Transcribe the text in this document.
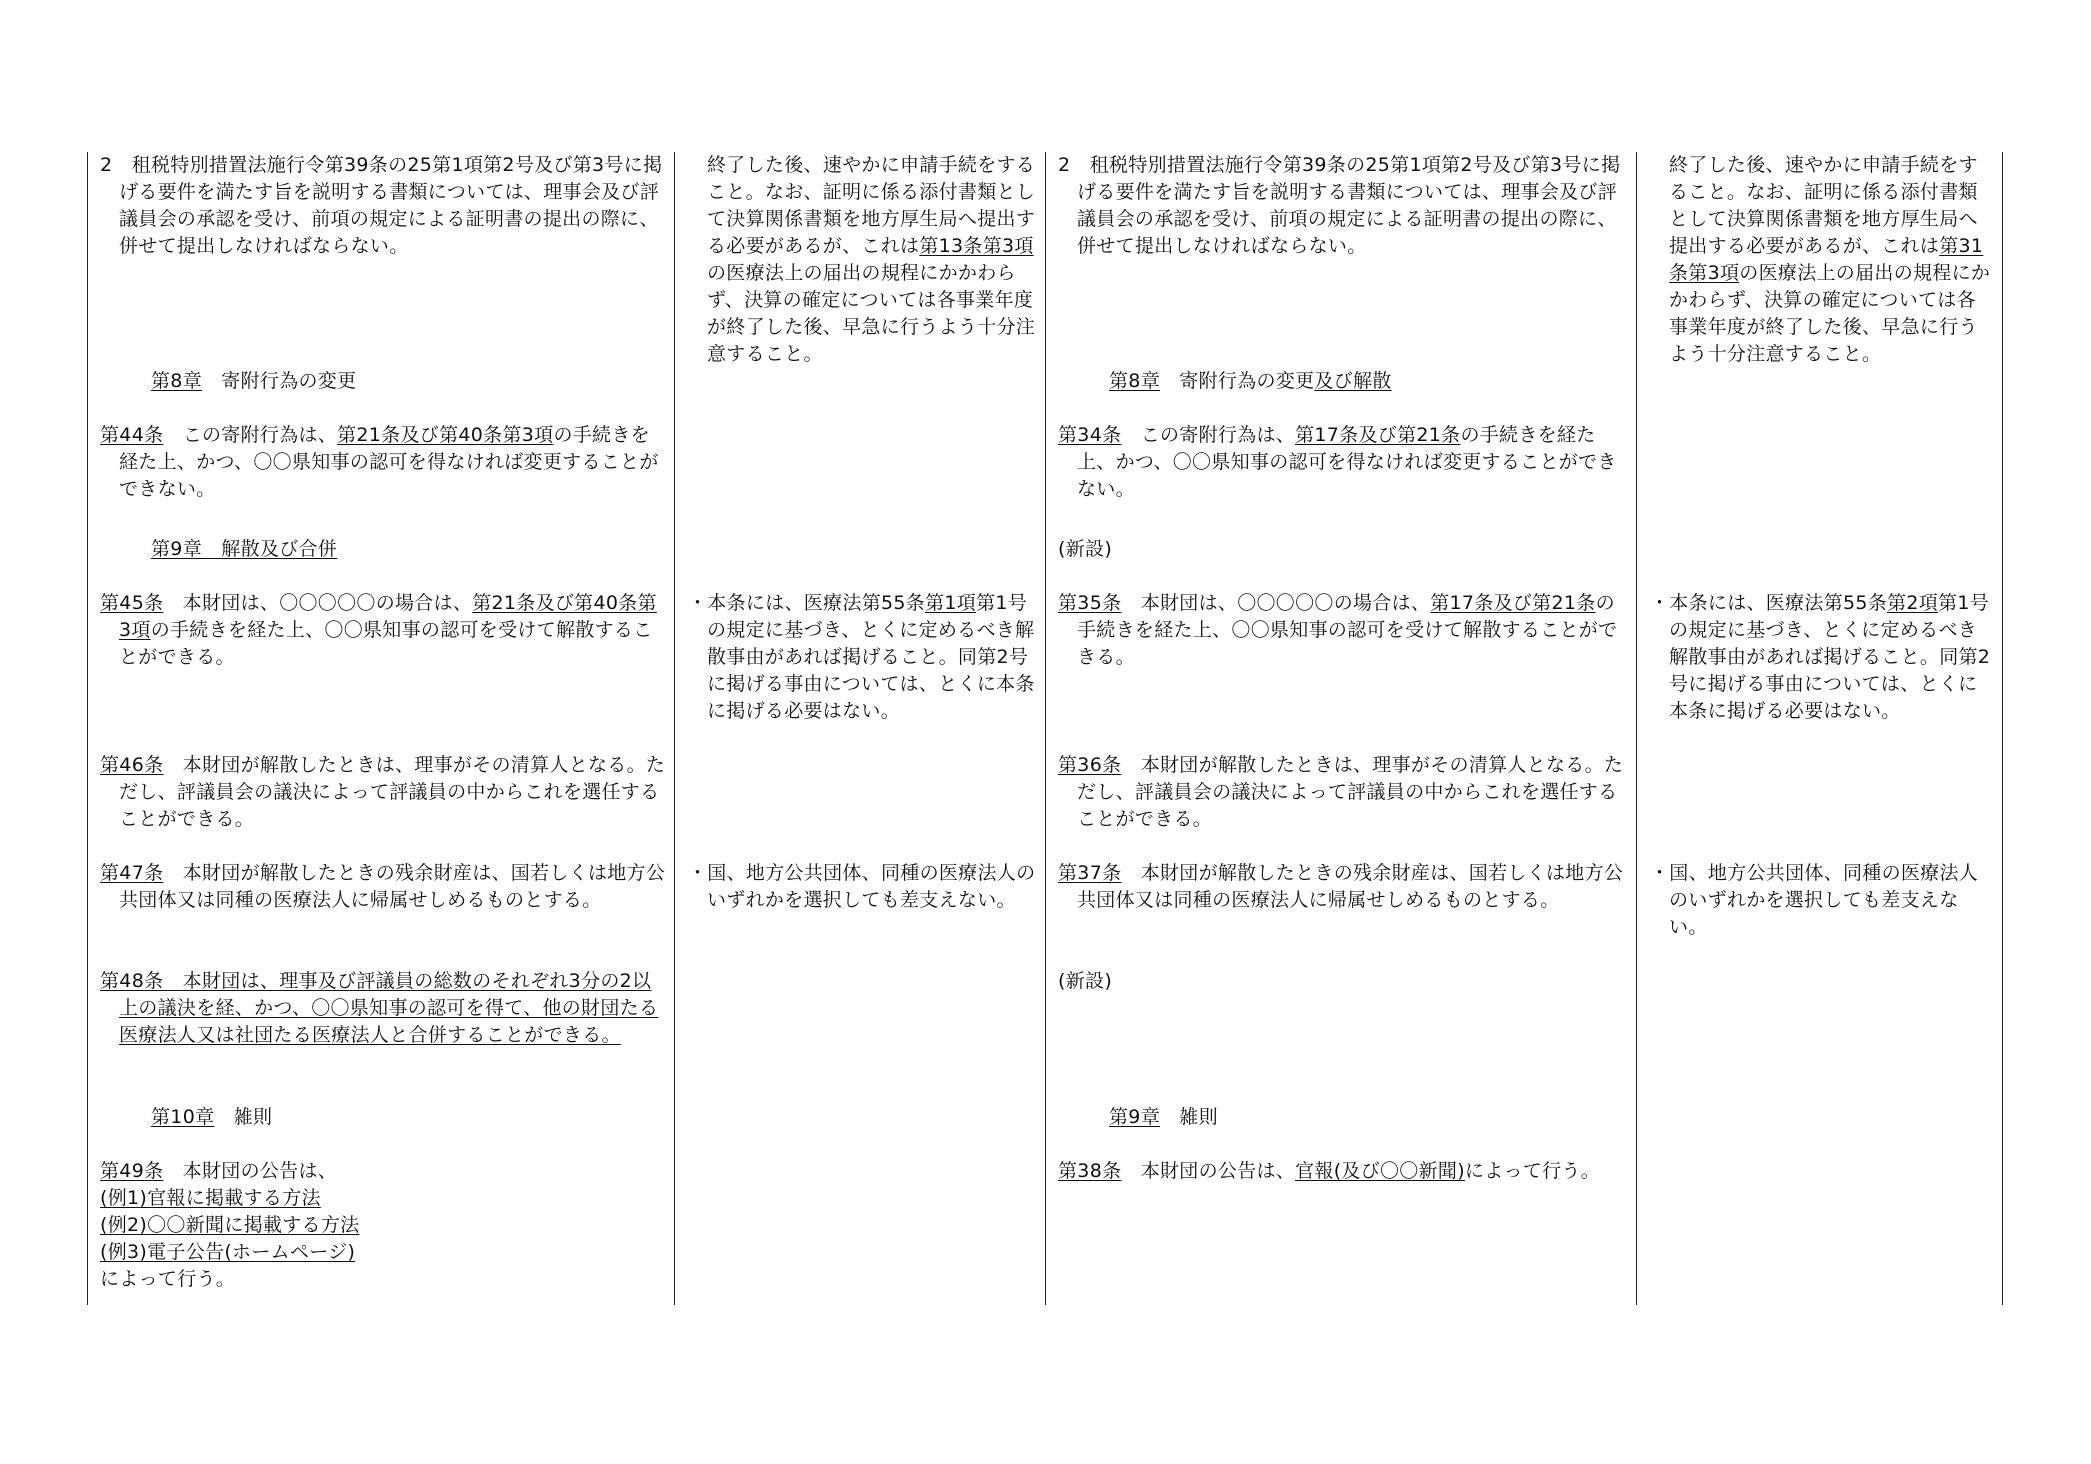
2　租税特別措置法施行令第39条の25第1項第2号及び第3号に掲げる要件を満たす旨を説明する書類については、理事会及び評議員会の承認を受け、前項の規定による証明書の提出の際に、併せて提出しなければならない。

第8章　寄附行為の変更

第44条　この寄附行為は、第21条及び第40条第3項の手続きを経た上、かつ、〇〇県知事の認可を得なければ変更することができない。

第9章　解散及び合併

第45条　本財団は、〇〇〇〇〇の場合は、第21条及び第40条第3項の手続きを経た上、〇〇県知事の認可を受けて解散することができる。

第46条　本財団が解散したときは、理事がその清算人となる。ただし、評議員会の議決によって評議員の中からこれを選任することができる。

第47条　本財団が解散したときの残余財産は、国若しくは地方公共団体又は同種の医療法人に帰属せしめるものとする。

第48条　本財団は、理事及び評議員の総数のそれぞれ3分の2以上の議決を経、かつ、〇〇県知事の認可を得て、他の財団たる医療法人又は社団たる医療法人と合併することができる。

第10章　雑則

第49条　本財団の公告は、

(例1)官報に掲載する方法

(例2)〇〇新聞に掲載する方法

(例3)電子公告(ホームページ)

によって行う。

終了した後、速やかに申請手続をすること。なお、証明に係る添付書類として決算関係書類を地方厚生局へ提出する必要があるが、これは第13条第3項の医療法上の届出の規程にかかわらず、決算の確定については各事業年度が終了した後、早急に行うよう十分注意すること。

・本条には、医療法第55条第1項第1号の規定に基づき、とくに定めるべき解散事由があれば掲げること。同第2号に掲げる事由については、とくに本条に掲げる必要はない。

・国、地方公共団体、同種の医療法人のいずれかを選択しても差支えない。

2　租税特別措置法施行令第39条の25第1項第2号及び第3号に掲げる要件を満たす旨を説明する書類については、理事会及び評議員会の承認を受け、前項の規定による証明書の提出の際に、併せて提出しなければならない。

第8章　寄附行為の変更及び解散

第34条　この寄附行為は、第17条及び第21条の手続きを経た上、かつ、〇〇県知事の認可を得なければ変更することができない。

(新設)

第35条　本財団は、〇〇〇〇〇の場合は、第17条及び第21条の手続きを経た上、〇〇県知事の認可を受けて解散することができる。

第36条　本財団が解散したときは、理事がその清算人となる。ただし、評議員会の議決によって評議員の中からこれを選任することができる。

第37条　本財団が解散したときの残余財産は、国若しくは地方公共団体又は同種の医療法人に帰属せしめるものとする。

(新設)

第9章　雑則

第38条　本財団の公告は、官報(及び〇〇新聞)によって行う。

終了した後、速やかに申請手続をすること。なお、証明に係る添付書類として決算関係書類を地方厚生局へ提出する必要があるが、これは第31条第3項の医療法上の届出の規程にかかわらず、決算の確定については各事業年度が終了した後、早急に行うよう十分注意すること。

・本条には、医療法第55条第2項第1号の規定に基づき、とくに定めるべき解散事由があれば掲げること。同第2号に掲げる事由については、とくに本条に掲げる必要はない。

・国、地方公共団体、同種の医療法人のいずれかを選択しても差支えない。
